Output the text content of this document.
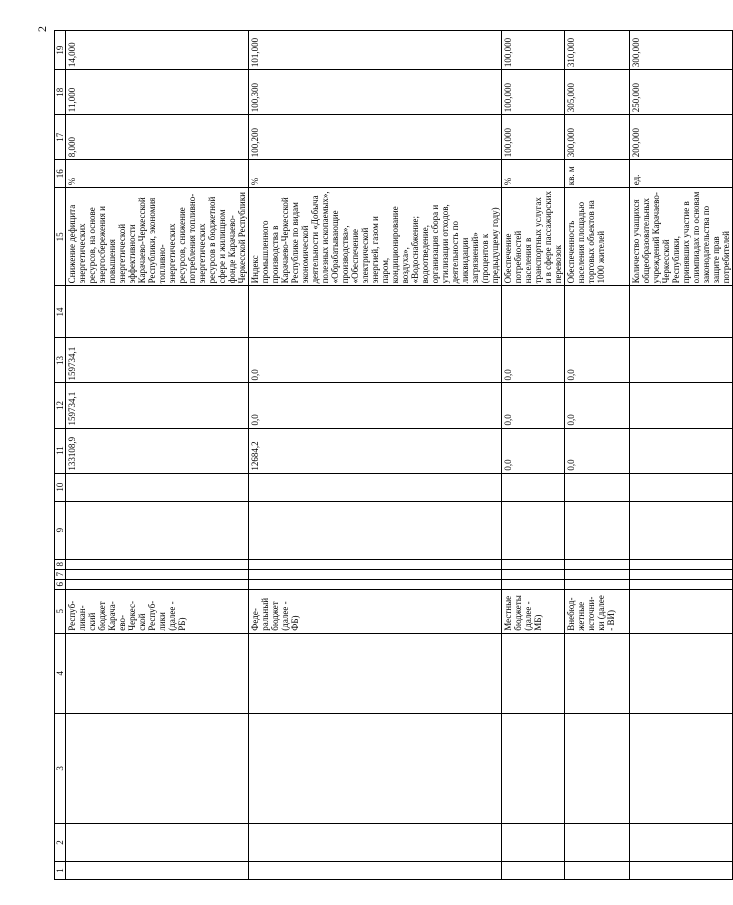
2
1	2	3	4	5	6	7	8	9	10	11	12	13	14	15	16	17	18	19
				Респуб-ликан-ский бюджет Карача-ево-Черкес-ской Респуб-лики (далее - РБ)						133108,9	159734,1	159734,1		Снижение дефицита энергетических ресурсов, на основе энергосбережения и повышения энергетической эффективности Карачаево-Черкесской Республики, экономия топливно-энергетических ресурсов, снижение потребления топливно-энергетических ресурсов в бюджетной сфере и жилищном фонде Карачаево-Черкесской Республики	%	8,000	11,000	14,000
				Феде-ральный бюджет (далее - ФБ)						12684,2	0,0	0,0		Индекс промышленного производства в Карачаево-Черкесской Республике по видам экономической деятельности «Добыча полезных ископаемых», «Обрабатывающие производства», «Обеспечение электрической энергией, газом и паром, кондиционирование воздуха», «Водоснабжение; водоотведение, организация сбора и утилизации отходов, деятельность по ликвидации загрязнений» (процентов к предыдущему году)	%	100,200	100,300	101,000
				Местные бюджеты (далее - МБ)						0,0	0,0	0,0		Обеспечение потребностей населения в транспортных услугах и в сфере пассажирских перевозок	%	100,000	100,000	100,000
				Внебюд-жетные источни-ки (далее - ВИ)						0,0	0,0	0,0		Обеспеченность населения площадью торговых объектов на 1000 жителей	кв. м	300,000	305,000	310,000
														Количество учащихся общеобразовательных учреждений Карачаево-Черкесской Республики, принявших участие в олимпиадах по основам законодательства по защите прав потребителей	ед.	200,000	250,000	300,000
